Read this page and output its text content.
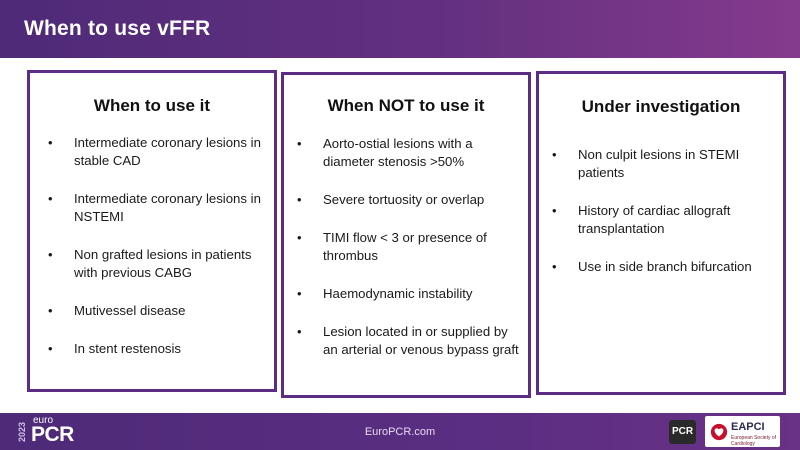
When to use vFFR
When to use it
• Intermediate coronary lesions in stable CAD
• Intermediate coronary lesions in NSTEMI
• Non grafted lesions in patients with previous CABG
• Mutivessel disease
• In stent restenosis
When NOT to use it
• Aorto-ostial lesions with a diameter stenosis >50%
• Severe tortuosity or overlap
• TIMI flow < 3 or presence of thrombus
• Haemodynamic instability
• Lesion located in or supplied by an arterial or venous bypass graft
Under investigation
• Non culpit lesions in STEMI patients
• History of cardiac allograft transplantation
• Use in side branch bifurcation
2023
euro
PCR	EuroPCR.com	PCR	EAPCI
European Society of Cardiology
